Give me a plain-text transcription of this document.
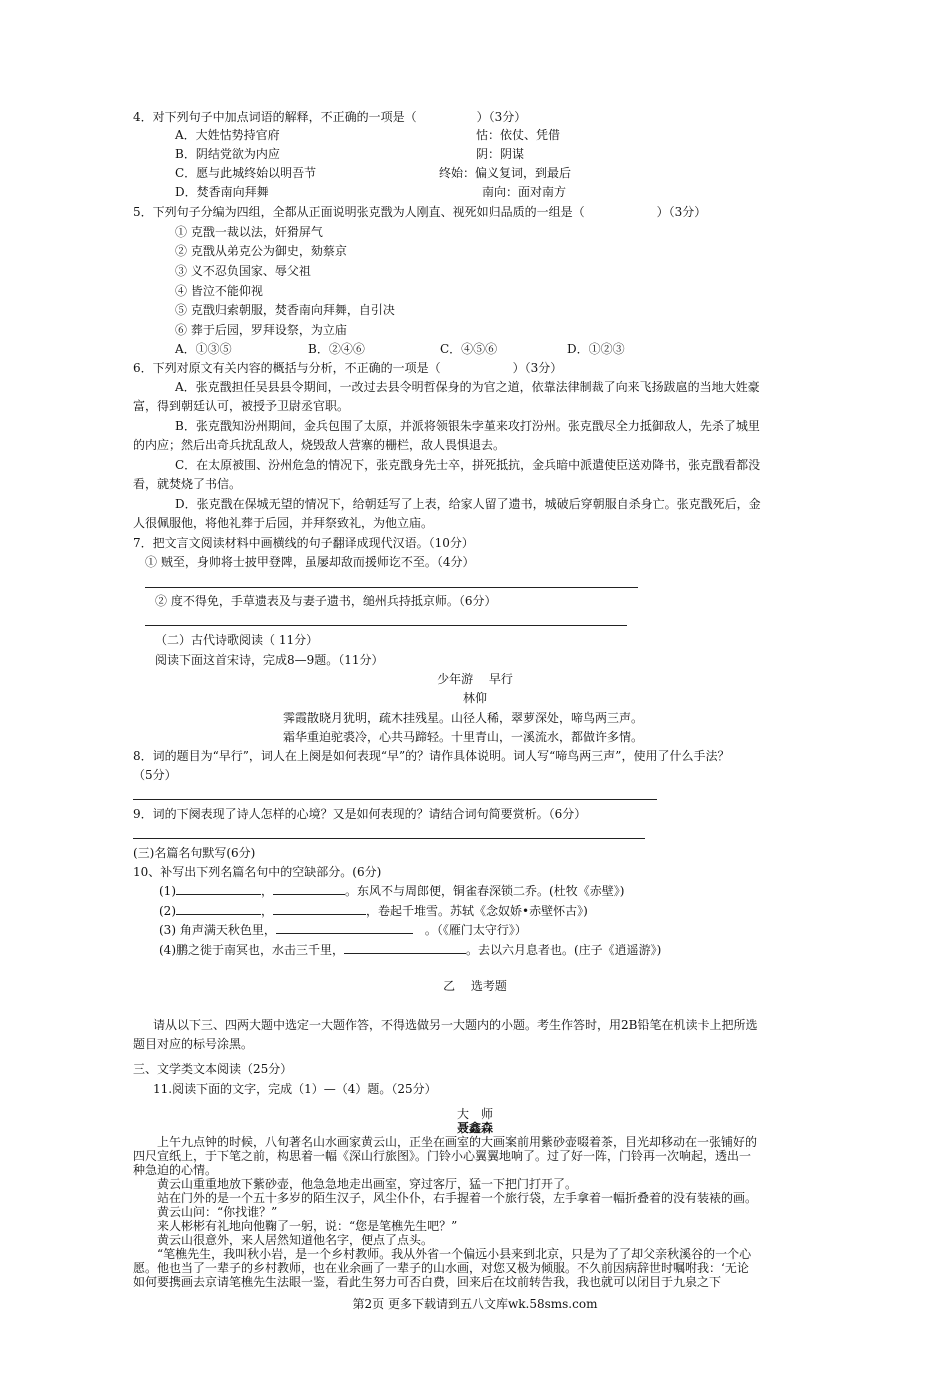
4．对下列句子中加点词语的解释，不正确的一项是（　　　　　）（3分）
A．大姓怙势持官府	怙：依仗、凭借
B．阴结党欲为内应	阴：阴谋
C．愿与此城终始以明吾节	终始：偏义复词，到最后
D．焚香南向拜舞	南向：面对南方
5．下列句子分编为四组，全都从正面说明张克戬为人刚直、视死如归品质的一组是（　　　　　　）（3分）
① 克戬一裁以法，奸猾屏气
② 克戬从弟克公为御史，劾蔡京
③ 义不忍负国家、辱父祖
④ 皆泣不能仰视
⑤ 克戬归索朝服，焚香南向拜舞，自引决
⑥ 葬于后园，罗拜设祭，为立庙
A．①③⑤	B．②④⑥	C．④⑤⑥	D．①②③
6．下列对原文有关内容的概括与分析，不正确的一项是（　　　　　　）（3分）
A．张克戬担任吴县县令期间，一改过去县令明哲保身的为官之道，依靠法律制裁了向来飞扬跋扈的当地大姓豪
富，得到朝廷认可，被授予卫尉丞官职。
B．张克戬知汾州期间，金兵包围了太原，并派将领银朱孛堇来攻打汾州。张克戬尽全力抵御敌人，先杀了城里
的内应；然后出奇兵扰乱敌人，烧毁敌人营寨的栅栏，敌人畏惧退去。
C．在太原被围、汾州危急的情况下，张克戬身先士卒，拼死抵抗，金兵暗中派遣使臣送劝降书，张克戬看都没
看，就焚烧了书信。
D．张克戬在保城无望的情况下，给朝廷写了上表，给家人留了遗书，城破后穿朝服自杀身亡。张克戬死后，金
人很佩服他，将他礼葬于后园，并拜祭致礼，为他立庙。
7．把文言文阅读材料中画横线的句子翻译成现代汉语。（10分）
① 贼至，身帅将士披甲登陴，虽屡却敌而援师讫不至。（4分）
② 度不得免，手草遗表及与妻子遗书，缒州兵持抵京师。（6分）
（二）古代诗歌阅读（ 11分）
阅读下面这首宋诗，完成8—9题。（11分）
少年游　 早行
林仰
霁霞散晓月犹明，疏木挂残星。山径人稀，翠萝深处，啼鸟两三声。
霜华重迫驼裘冷，心共马蹄轻。十里青山，一溪流水，都做许多情。
8．词的题目为“早行”，词人在上阕是如何表现“早”的？请作具体说明。词人写“啼鸟两三声”，使用了什么手法？
（5分）
9．词的下阕表现了诗人怎样的心境？又是如何表现的？请结合词句简要赏析。（6分）
(三)名篇名句默写(6分)
10、补写出下列名篇名句中的空缺部分。(6分)
(1)	，	。东风不与周郎便，铜雀春深锁二乔。(杜牧《赤壁》)
(2)	，	，卷起千堆雪。苏轼《念奴娇•赤壁怀古》)
(3) 角声满天秋色里，	　。（《雁门太守行》）
(4)鹏之徙于南冥也，水击三千里，	。去以六月息者也。(庄子《逍遥游》)
乙　 选考题
请从以下三、四两大题中选定一大题作答，不得选做另一大题内的小题。考生作答时，用2B铅笔在机读卡上把所选
题目对应的标号涂黑。
三、文学类文本阅读（25分）
11.阅读下面的文字，完成（1）—（4）题。（25分）
大　师
聂鑫森
上午九点钟的时候，八旬著名山水画家黄云山，正坐在画室的大画案前用紫砂壶啜着茶，目光却移动在一张铺好的
四尺宣纸上，于下笔之前，构思着一幅《深山行旅图》。门铃小心翼翼地响了。过了好一阵，门铃再一次响起，透出一
种急迫的心情。
黄云山重重地放下紫砂壶，他急急地走出画室，穿过客厅，猛一下把门打开了。
站在门外的是一个五十多岁的陌生汉子，风尘仆仆，右手握着一个旅行袋，左手拿着一幅折叠着的没有装裱的画。
黄云山问：“你找谁？”
来人彬彬有礼地向他鞠了一躬，说：“您是笔樵先生吧？”
黄云山很意外，来人居然知道他名字，便点了点头。
“笔樵先生，我叫秋小岩，是一个乡村教师。我从外省一个偏远小县来到北京，只是为了了却父亲秋溪谷的一个心
愿。他也当了一辈子的乡村教师，也在业余画了一辈子的山水画，对您又极为倾服。不久前因病辞世时嘱咐我：‘无论
如何要携画去京请笔樵先生法眼一鉴，看此生努力可否白费，回来后在坟前转告我，我也就可以闭目于九泉之下
第2页 更多下载请到五八文库wk.58sms.com
